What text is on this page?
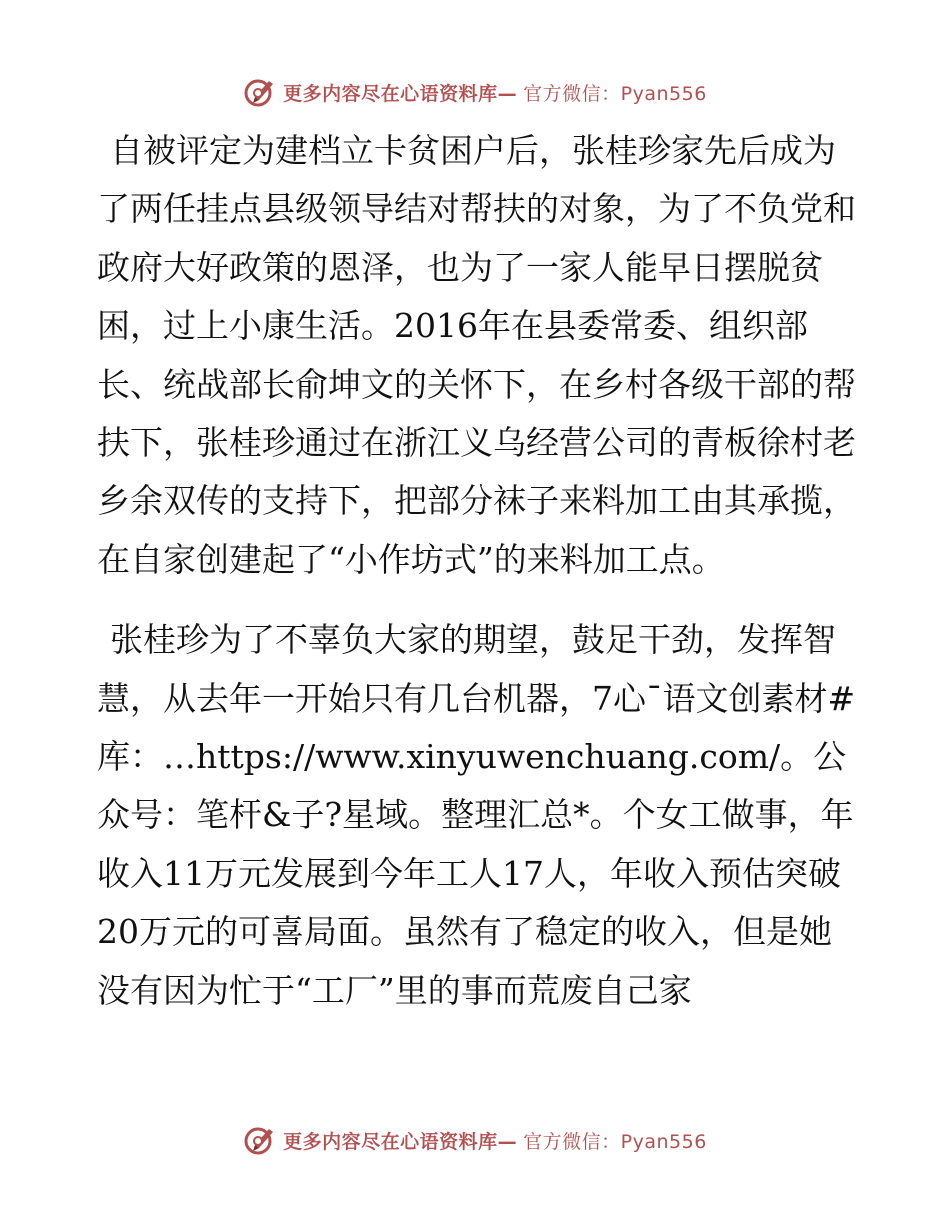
更多内容尽在心语资料库— 官方微信：Pyan556

自被评定为建档立卡贫困户后，张桂珍家先后成为了两任挂点县级领导结对帮扶的对象，为了不负党和政府大好政策的恩泽，也为了一家人能早日摆脱贫困，过上小康生活。2016年在县委常委、组织部长、统战部长俞坤文的关怀下，在乡村各级干部的帮扶下，张桂珍通过在浙江义乌经营公司的青板徐村老乡余双传的支持下，把部分袜子来料加工由其承揽，在自家创建起了“小作坊式”的来料加工点。

张桂珍为了不辜负大家的期望，鼓足干劲，发挥智慧，从去年一开始只有几台机器，7心¯语文创素材#库：…https://www.xinyuwenchuang.com/。公众号：笔杆&子?星域。整理汇总*。个女工做事，年收入11万元发展到今年工人17人，年收入预估突破20万元的可喜局面。虽然有了稳定的收入，但是她没有因为忙于“工厂”里的事而荒废自己家

更多内容尽在心语资料库— 官方微信：Pyan556
